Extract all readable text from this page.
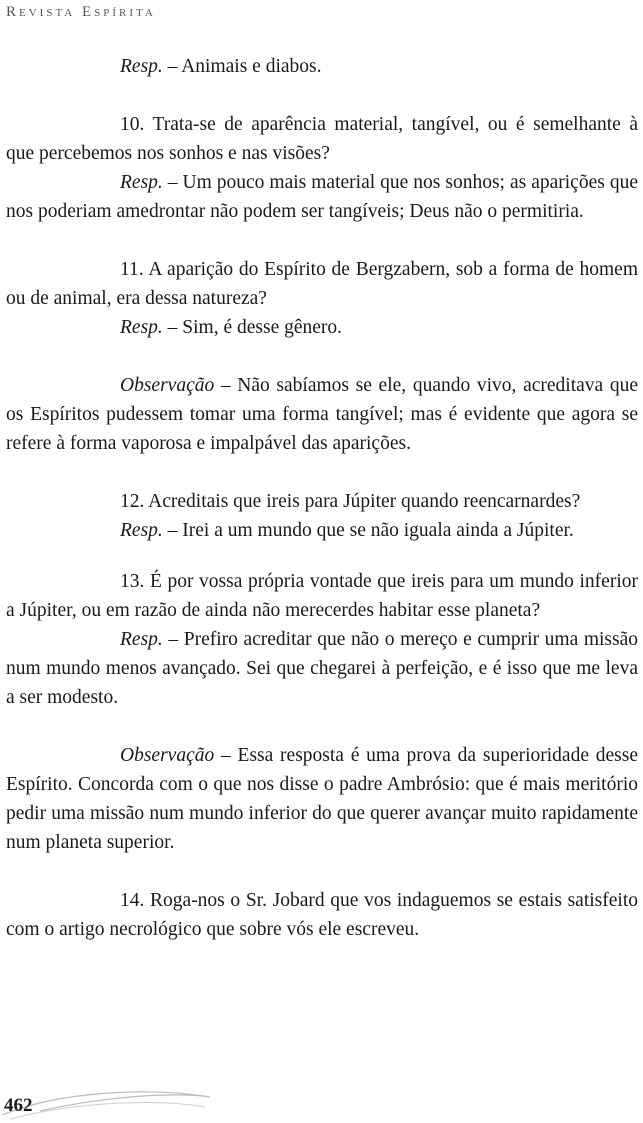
Revista Espírita

Resp. – Animais e diabos.

10. Trata-se de aparência material, tangível, ou é semelhante à que percebemos nos sonhos e nas visões?

Resp. – Um pouco mais material que nos sonhos; as aparições que nos poderiam amedrontar não podem ser tangíveis; Deus não o permitiria.

11. A aparição do Espírito de Bergzabern, sob a forma de homem ou de animal, era dessa natureza?

Resp. – Sim, é desse gênero.

Observação – Não sabíamos se ele, quando vivo, acreditava que os Espíritos pudessem tomar uma forma tangível; mas é evidente que agora se refere à forma vaporosa e impalpável das aparições.

12. Acreditais que ireis para Júpiter quando reencarnardes?

Resp. – Irei a um mundo que se não iguala ainda a Júpiter.

13. É por vossa própria vontade que ireis para um mundo inferior a Júpiter, ou em razão de ainda não merecerdes habitar esse planeta?

Resp. – Prefiro acreditar que não o mereço e cumprir uma missão num mundo menos avançado. Sei que chegarei à perfeição, e é isso que me leva a ser modesto.

Observação – Essa resposta é uma prova da superioridade desse Espírito. Concorda com o que nos disse o padre Ambrósio: que é mais meritório pedir uma missão num mundo inferior do que querer avançar muito rapidamente num planeta superior.

14. Roga-nos o Sr. Jobard que vos indaguemos se estais satisfeito com o artigo necrológico que sobre vós ele escreveu.

462
